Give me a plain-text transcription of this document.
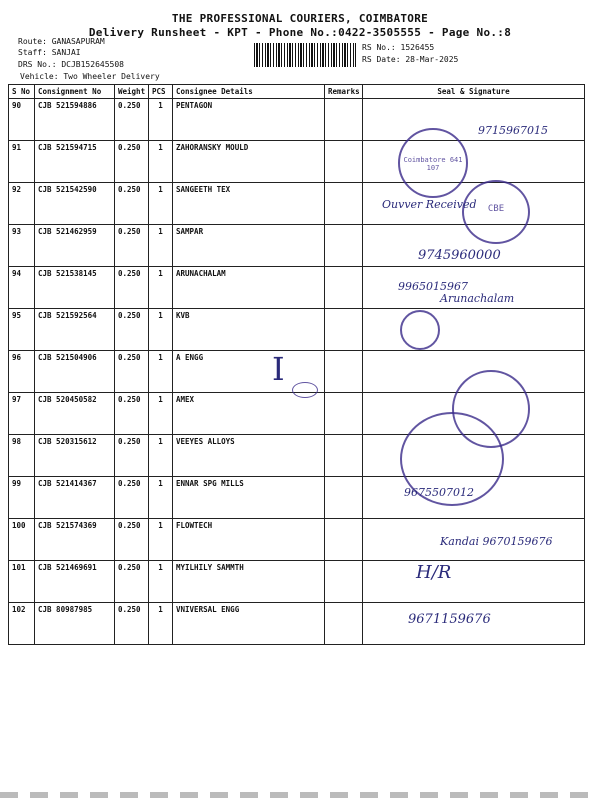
THE PROFESSIONAL COURIERS, COIMBATORE
Delivery Runsheet - KPT - Phone No.:0422-3505555 - Page No.:8
Route: GANASAPURAM
Staff: SANJAI
DRS No.: DCJB152645508
Vehicle: Two Wheeler Delivery
RS No.: 1526455
RS Date: 28-Mar-2025
S No	Consignment No	Weight	PCS	Consignee Details	Remarks	Seal & Signature
90	CJB 521594886	0.250	1	PENTAGON		
91	CJB 521594715	0.250	1	ZAHORANSKY MOULD		
92	CJB 521542590	0.250	1	SANGEETH TEX		
93	CJB 521462959	0.250	1	SAMPAR		
94	CJB 521538145	0.250	1	ARUNACHALAM		
95	CJB 521592564	0.250	1	KVB		
96	CJB 521504906	0.250	1	A ENGG		
97	CJB 520450582	0.250	1	AMEX		
98	CJB 520315612	0.250	1	VEEYES ALLOYS		
99	CJB 521414367	0.250	1	ENNAR SPG MILLS		
100	CJB 521574369	0.250	1	FLOWTECH		
101	CJB 521469691	0.250	1	MYILHILY SAMMTH		
102	CJB 80987985	0.250	1	VNIVERSAL ENGG		
Coimbatore 641 107
CBE
9715967015
Ouvver Received
9745960000
9965015967
Arunachalam
I
9675507012
Kandai 9670159676
H/R
9671159676
